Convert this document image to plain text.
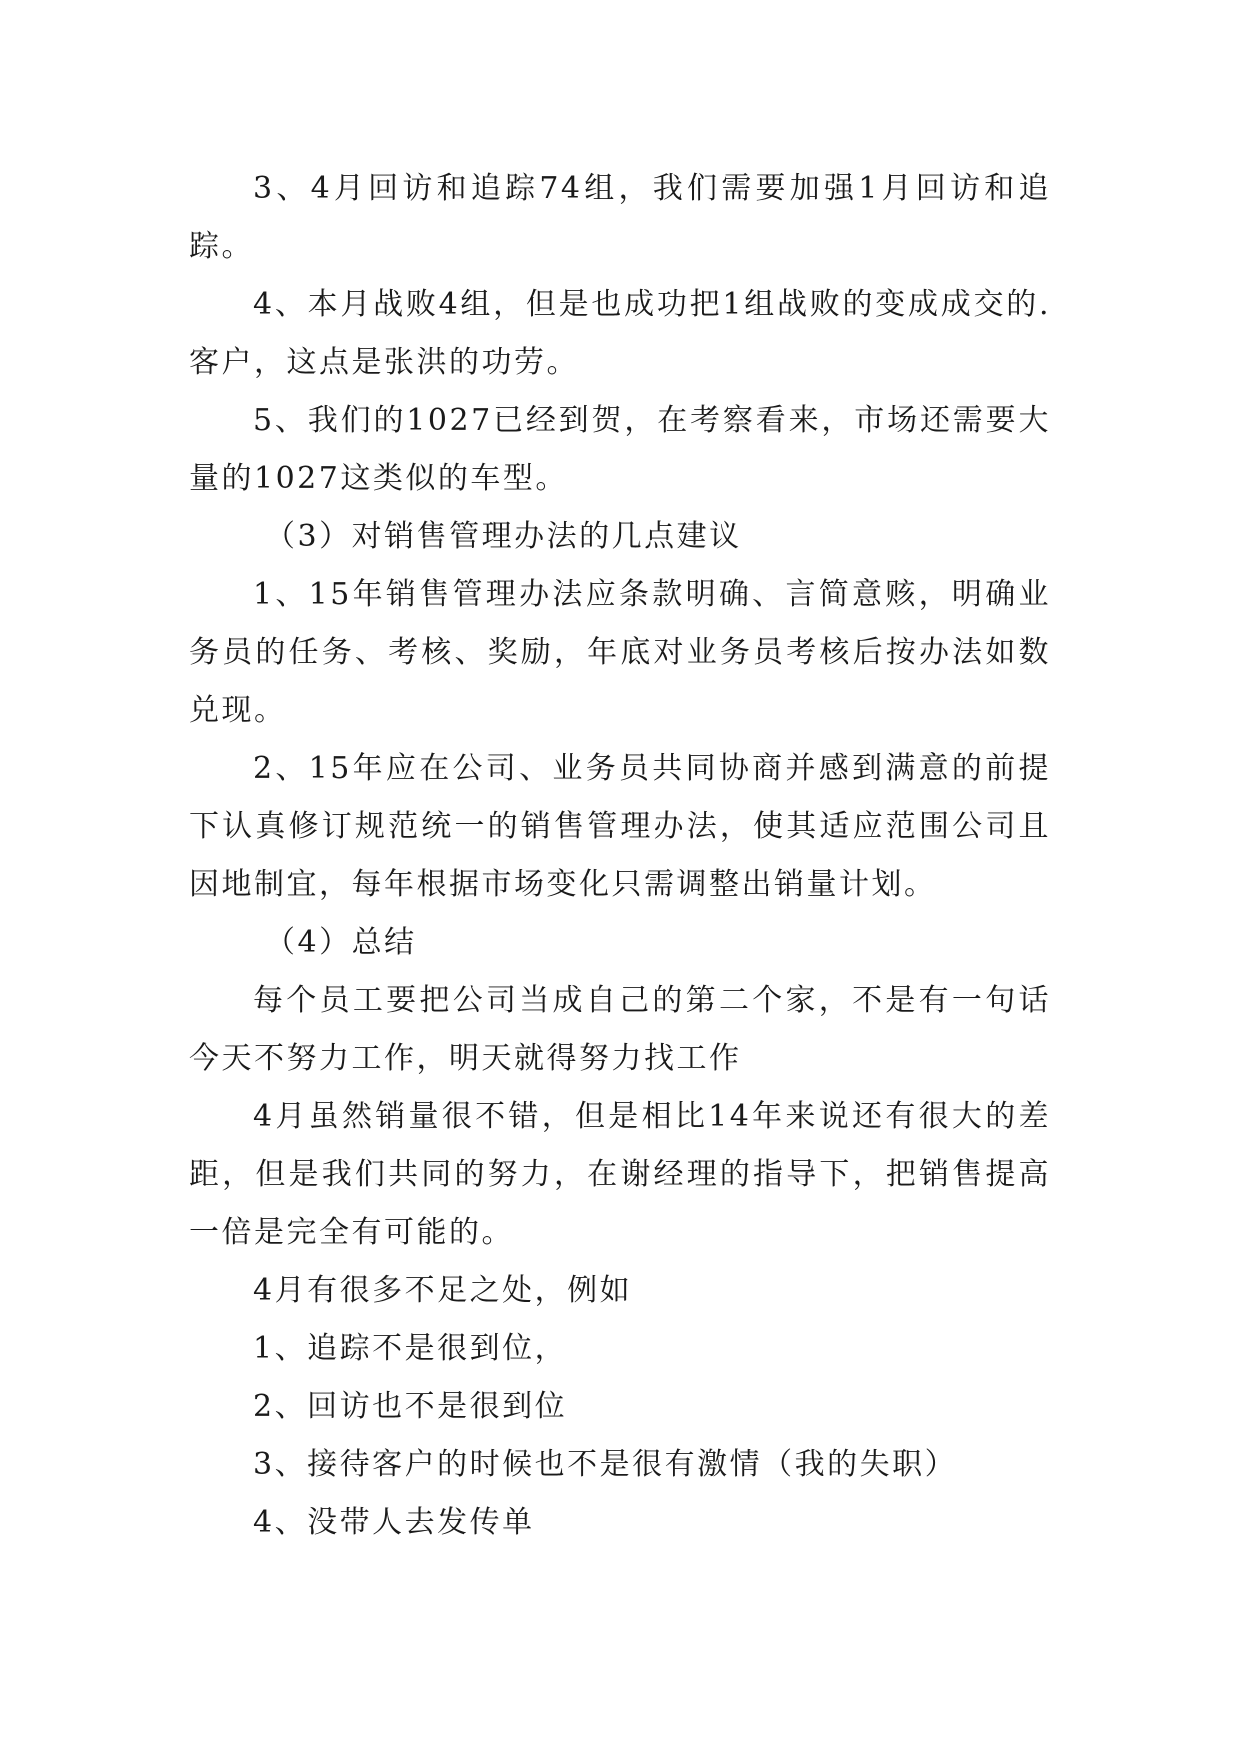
3、4月回访和追踪74组，我们需要加强1月回访和追踪。

4、本月战败4组，但是也成功把1组战败的变成成交的.客户，这点是张洪的功劳。

5、我们的1027已经到贺，在考察看来，市场还需要大量的1027这类似的车型。

（3）对销售管理办法的几点建议

1、15年销售管理办法应条款明确、言简意赅，明确业务员的任务、考核、奖励，年底对业务员考核后按办法如数兑现。

2、15年应在公司、业务员共同协商并感到满意的前提下认真修订规范统一的销售管理办法，使其适应范围公司且因地制宜，每年根据市场变化只需调整出销量计划。

（4）总结

每个员工要把公司当成自己的第二个家，不是有一句话今天不努力工作，明天就得努力找工作

4月虽然销量很不错，但是相比14年来说还有很大的差距，但是我们共同的努力，在谢经理的指导下，把销售提高一倍是完全有可能的。

4月有很多不足之处，例如

1、追踪不是很到位，

2、回访也不是很到位

3、接待客户的时候也不是很有激情（我的失职）

4、没带人去发传单
